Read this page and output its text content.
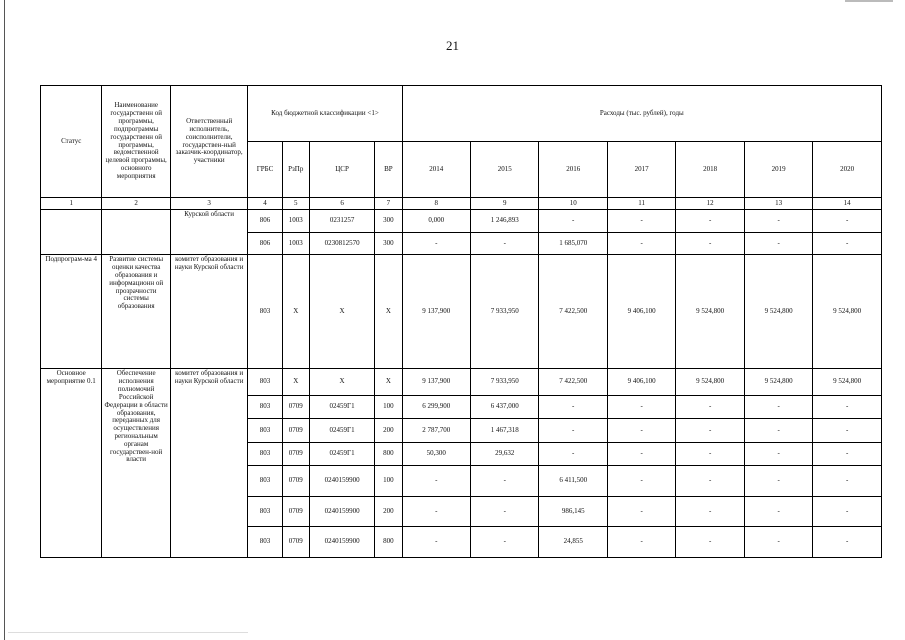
21
Статус	Наименование государственн ой программы, подпрограммы государственн ой программы, ведомственной целевой программы, основного мероприятия	Ответственный исполнитель, соисполнители, государствен-ный заказчик-координатор, участники	Код бюджетной классификации <1>				Расходы (тыс. рублей), годы						
			ГРБС	РзПр	ЦСР	ВР	2014	2015	2016	2017	2018	2019	2020
1	2	3	4	5	6	7	8	9	10	11	12	13	14
		Курской области	806	1003	0231257	300	0,000	1 246,893	-	-	-	-	-
			806	1003	0230812570	300	-	-	1 685,070	-	-	-	-
Подпрограм-ма 4	Развитие системы оценки качества образования и информационн ой прозрачности системы образования	комитет образования и науки Курской области	803	Х	Х	Х	9 137,900	7 933,950	7 422,500	9 406,100	9 524,800	9 524,800	9 524,800
Основное мероприятие 0.1	Обеспечение исполнения полномочий Российской Федерации в области образования, переданных для осуществления региональным органам государствен-ной власти	комитет образования и науки Курской области	803	Х	Х	Х	9 137,900	7 933,950	7 422,500	9 406,100	9 524,800	9 524,800	9 524,800
			803	0709	02459Г1	100	6 299,900	6 437,000	-	-	-	-	-
			803	0709	02459Г1	200	2 787,700	1 467,318	-	-	-	-	-
			803	0709	02459Г1	800	50,300	29,632	-	-	-	-	-
			803	0709	0240159900	100	-	-	6 411,500	-	-	-	-
			803	0709	0240159900	200	-	-	986,145	-	-	-	-
			803	0709	0240159900	800	-	-	24,855	-	-	-	-
